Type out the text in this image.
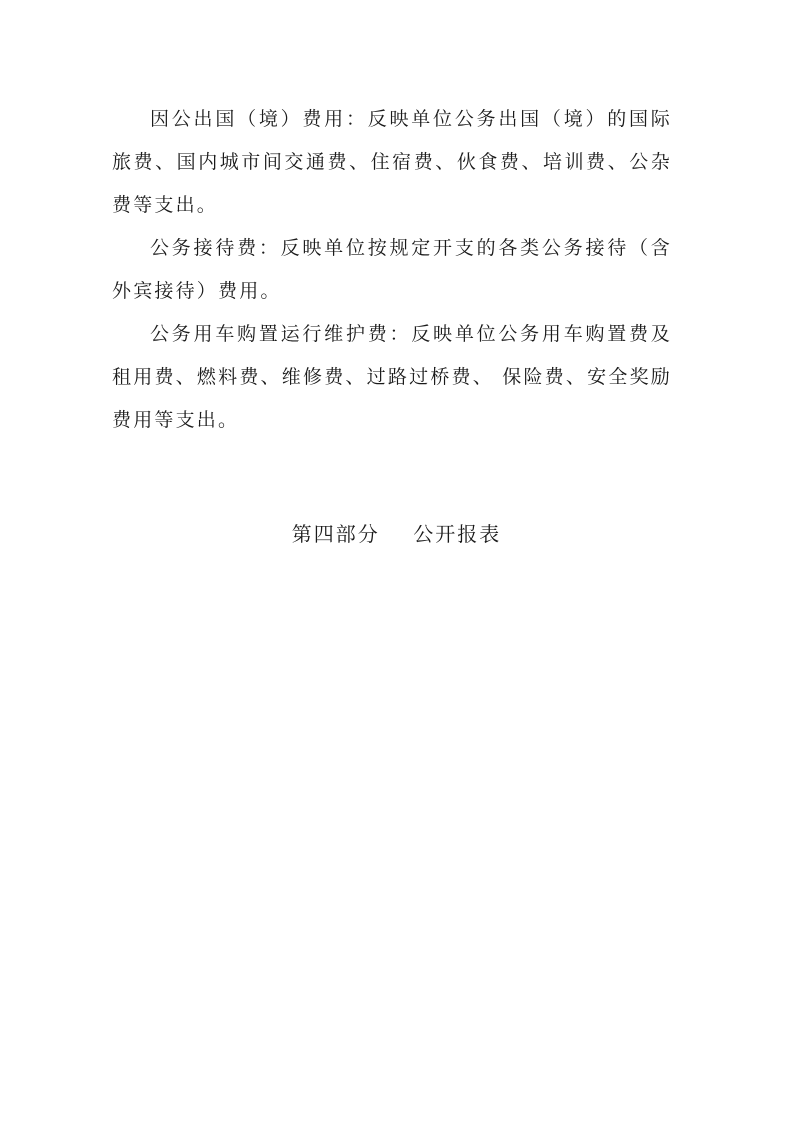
因公出国（境）费用：反映单位公务出国（境）的国际旅费、国内城市间交通费、住宿费、伙食费、培训费、公杂费等支出。

公务接待费：反映单位按规定开支的各类公务接待（含外宾接待）费用。

公务用车购置运行维护费：反映单位公务用车购置费及租用费、燃料费、维修费、过路过桥费、 保险费、安全奖励费用等支出。

第四部分    公开报表
